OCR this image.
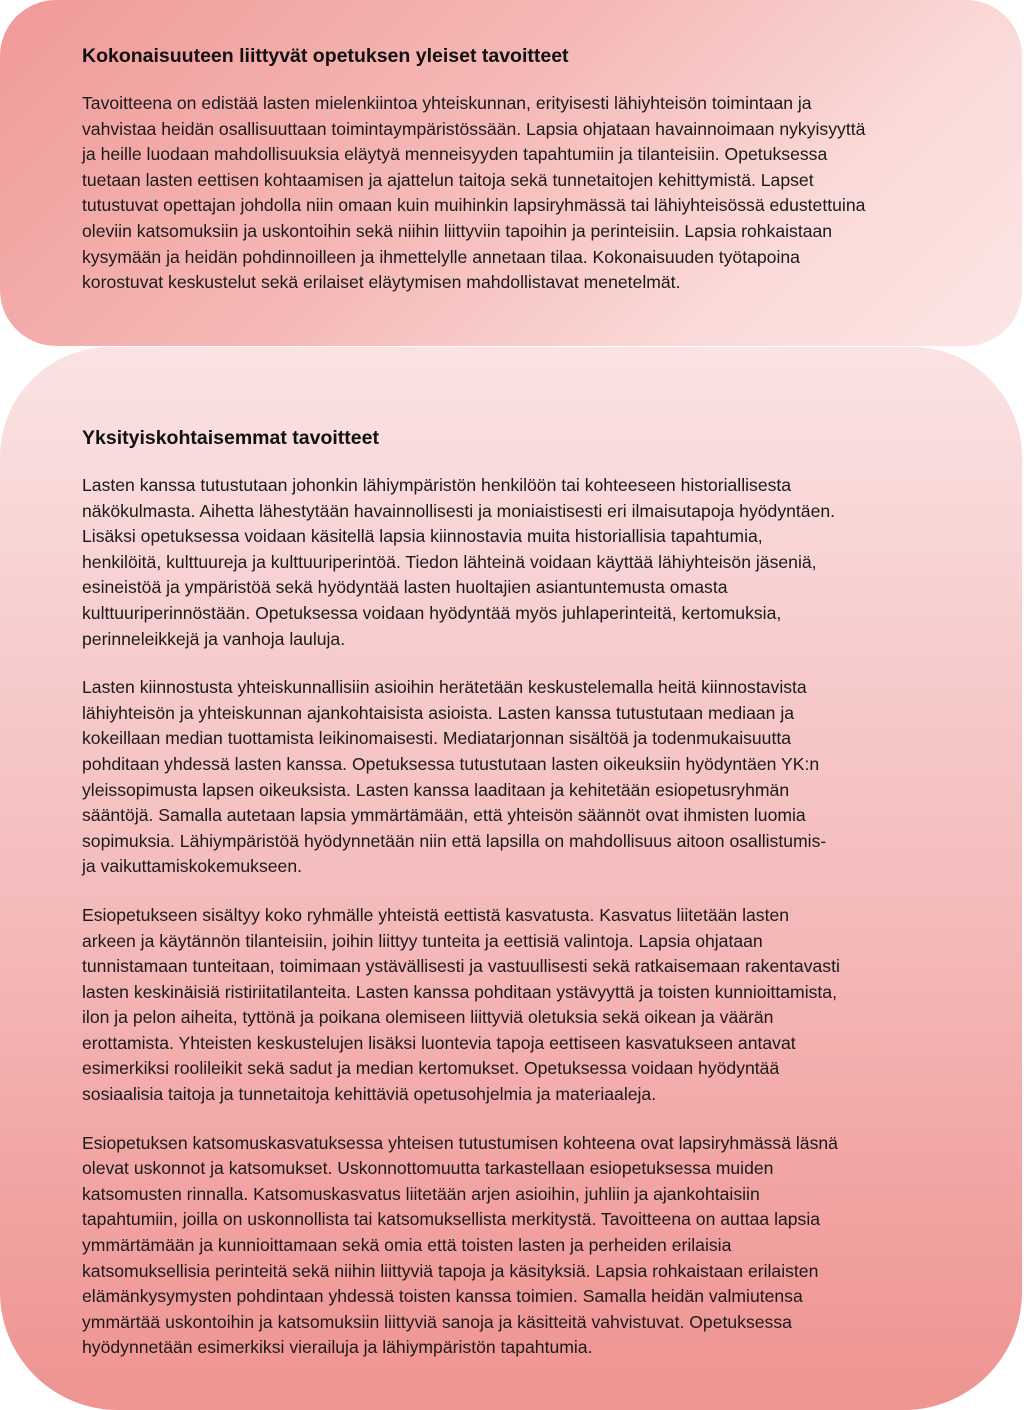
Kokonaisuuteen liittyvät opetuksen yleiset tavoitteet

Tavoitteena on edistää lasten mielenkiintoa yhteiskunnan, erityisesti lähiyhteisön toimintaan ja
vahvistaa heidän osallisuuttaan toimintaympäristössään. Lapsia ohjataan havainnoimaan nykyisyyttä
ja heille luodaan mahdollisuuksia eläytyä menneisyyden tapahtumiin ja tilanteisiin. Opetuksessa
tuetaan lasten eettisen kohtaamisen ja ajattelun taitoja sekä tunnetaitojen kehittymistä. Lapset
tutustuvat opettajan johdolla niin omaan kuin muihinkin lapsiryhmässä tai lähiyhteisössä edustettuina
oleviin katsomuksiin ja uskontoihin sekä niihin liittyviin tapoihin ja perinteisiin. Lapsia rohkaistaan
kysymään ja heidän pohdinnoilleen ja ihmettelylle annetaan tilaa. Kokonaisuuden työtapoina
korostuvat keskustelut sekä erilaiset eläytymisen mahdollistavat menetelmät.

Yksityiskohtaisemmat tavoitteet

Lasten kanssa tutustutaan johonkin lähiympäristön henkilöön tai kohteeseen historiallisesta
näkökulmasta. Aihetta lähestytään havainnollisesti ja moniaistisesti eri ilmaisutapoja hyödyntäen.
Lisäksi opetuksessa voidaan käsitellä lapsia kiinnostavia muita historiallisia tapahtumia,
henkilöitä, kulttuureja ja kulttuuriperintöä. Tiedon lähteinä voidaan käyttää lähiyhteisön jäseniä,
esineistöä ja ympäristöä sekä hyödyntää lasten huoltajien asiantuntemusta omasta
kulttuuriperinnöstään. Opetuksessa voidaan hyödyntää myös juhlaperinteitä, kertomuksia,
perinneleikkejä ja vanhoja lauluja.

Lasten kiinnostusta yhteiskunnallisiin asioihin herätetään keskustelemalla heitä kiinnostavista
lähiyhteisön ja yhteiskunnan ajankohtaisista asioista. Lasten kanssa tutustutaan mediaan ja
kokeillaan median tuottamista leikinomaisesti. Mediatarjonnan sisältöä ja todenmukaisuutta
pohditaan yhdessä lasten kanssa. Opetuksessa tutustutaan lasten oikeuksiin hyödyntäen YK:n
yleissopimusta lapsen oikeuksista. Lasten kanssa laaditaan ja kehitetään esiopetusryhmän
sääntöjä. Samalla autetaan lapsia ymmärtämään, että yhteisön säännöt ovat ihmisten luomia
sopimuksia. Lähiympäristöä hyödynnetään niin että lapsilla on mahdollisuus aitoon osallistumis-
ja vaikuttamiskokemukseen.

Esiopetukseen sisältyy koko ryhmälle yhteistä eettistä kasvatusta. Kasvatus liitetään lasten
arkeen ja käytännön tilanteisiin, joihin liittyy tunteita ja eettisiä valintoja. Lapsia ohjataan
tunnistamaan tunteitaan, toimimaan ystävällisesti ja vastuullisesti sekä ratkaisemaan rakentavasti
lasten keskinäisiä ristiriitatilanteita. Lasten kanssa pohditaan ystävyyttä ja toisten kunnioittamista,
ilon ja pelon aiheita, tyttönä ja poikana olemiseen liittyviä oletuksia sekä oikean ja väärän
erottamista. Yhteisten keskustelujen lisäksi luontevia tapoja eettiseen kasvatukseen antavat
esimerkiksi roolileikit sekä sadut ja median kertomukset. Opetuksessa voidaan hyödyntää
sosiaalisia taitoja ja tunnetaitoja kehittäviä opetusohjelmia ja materiaaleja.

Esiopetuksen katsomuskasvatuksessa yhteisen tutustumisen kohteena ovat lapsiryhmässä läsnä
olevat uskonnot ja katsomukset. Uskonnottomuutta tarkastellaan esiopetuksessa muiden
katsomusten rinnalla. Katsomuskasvatus liitetään arjen asioihin, juhliin ja ajankohtaisiin
tapahtumiin, joilla on uskonnollista tai katsomuksellista merkitystä. Tavoitteena on auttaa lapsia
ymmärtämään ja kunnioittamaan sekä omia että toisten lasten ja perheiden erilaisia
katsomuksellisia perinteitä sekä niihin liittyviä tapoja ja käsityksiä. Lapsia rohkaistaan erilaisten
elämänkysymysten pohdintaan yhdessä toisten kanssa toimien. Samalla heidän valmiutensa
ymmärtää uskontoihin ja katsomuksiin liittyviä sanoja ja käsitteitä vahvistuvat. Opetuksessa
hyödynnetään esimerkiksi vierailuja ja lähiympäristön tapahtumia.
